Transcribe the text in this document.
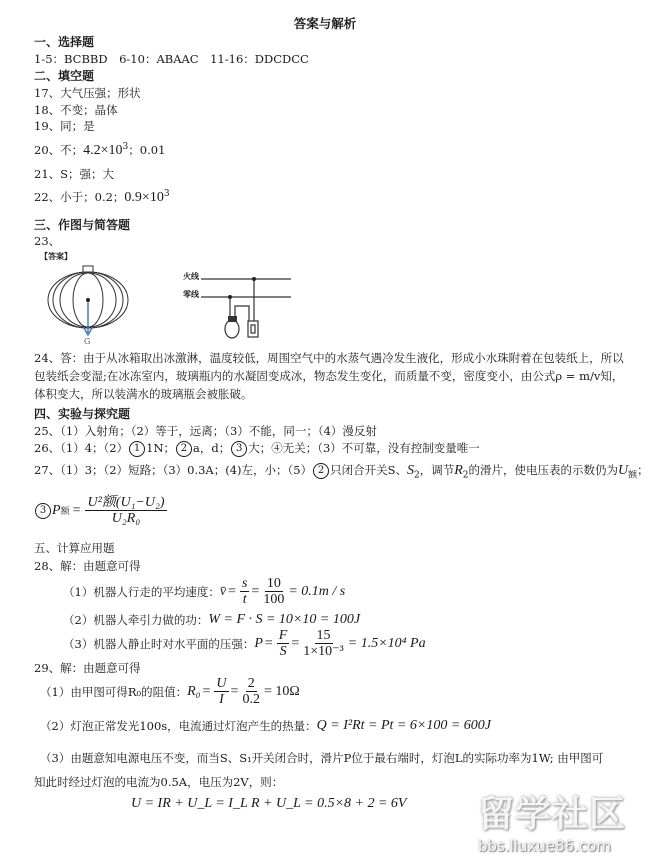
答案与解析
一、选择题
1-5：BCBBD　6-10：ABAAC　11-16：DDCDCC
二、填空题
17、大气压强；形状
18、不变；晶体
19、同；是
20、不；$4.2\times 10^3$；0.01
21、S；强；大
22、小于；0.2；$0.9\times 10^3$
三、作图与简答题
23、
【答案】
G
火线
零线
24、答：由于从冰箱取出冰激淋，温度较低，周围空气中的水蒸气遇冷发生液化，形成小水珠附着在包装纸上，所以包装纸会变湿;在冰冻室内，玻璃瓶内的水凝固变成冰，物态发生变化，而质量不变，密度变小，由公式ρ = m/v知，体积变大，所以装满水的玻璃瓶会被胀破。
四、实验与探究题
25、（1）入射角；（2）等于，远离；（3）不能，同一；（4）漫反射
26、（1）4；（2） 1 1N； 2 a，d； 3 大；④无关；（3）不可靠，没有控制变量唯一
27、（1）3；（2）短路；（3）0.3A；(4)左，小；（5） 2 只闭合开关S、$S_2$，调节$R_2$的滑片，使电压表的示数仍为$U_额$；
3 P 额 = $\frac{\text{U²额(U₁−U₂)}}{\text{U₂R₀}}$
五、计算应用题
28、解：由题意可得
（1）机器人行走的平均速度： v̄ = $\frac{s}{t} = \frac{10}{100} = 0.1m / s$
（2）机器人牵引力做的功： W = F · S = 10×10 = 100J
（3）机器人静止时对水平面的压强： $P = \frac{F}{S} = \frac{15}{\text{1×10⁻³}} = 1.5\times 10^4$ Pa
29、解：由题意可得
（1）由甲图可得R₀的阻值： $R_0 = \frac{U}{I} = \frac{2}{0.2} = 10\Omega$
（2）灯泡正常发光100s，电流通过灯泡产生的热量： Q = I²Rt = Pt = 6×100 = 600J
（3）由题意知电源电压不变，而当S、S₁开关闭合时，滑片P位于最右端时，灯泡L的实际功率为1W; 由甲图可
知此时经过灯泡的电流为0.5A，电压为2V，则：
U = IR + U_L = I_L R + U_L = 0.5×8 + 2 = 6V 留学社区
bbs.liuxue86.com
